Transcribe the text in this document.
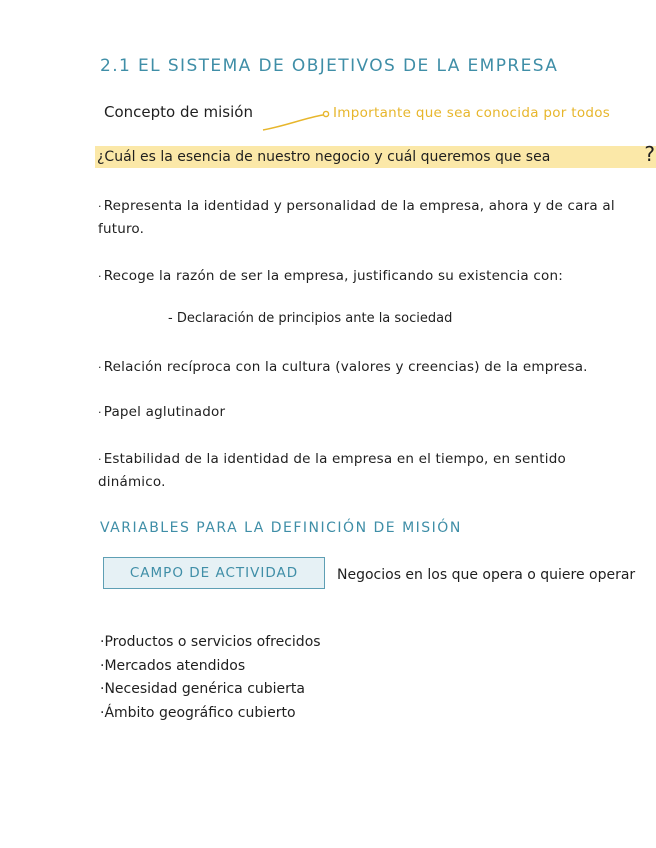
2.1 EL SISTEMA DE OBJETIVOS DE LA EMPRESA
Concepto de misión	Importante que sea conocida por todos
¿Cuál es la esencia de nuestro negocio y cuál queremos que sea	?
· Representa la identidad y personalidad de la empresa, ahora y de cara al futuro.
· Recoge la razón de ser la empresa, justificando su existencia con:
- Declaración de principios ante la sociedad
· Relación recíproca con la cultura (valores y creencias) de la empresa.
· Papel aglutinador
· Estabilidad de la identidad de la empresa en el tiempo, en sentido dinámico.
VARIABLES PARA LA DEFINICIÓN DE MISIÓN
CAMPO DE ACTIVIDAD	Negocios en los que opera o quiere operar
·Productos o servicios ofrecidos
·Mercados atendidos
·Necesidad genérica cubierta
·Ámbito geográfico cubierto
